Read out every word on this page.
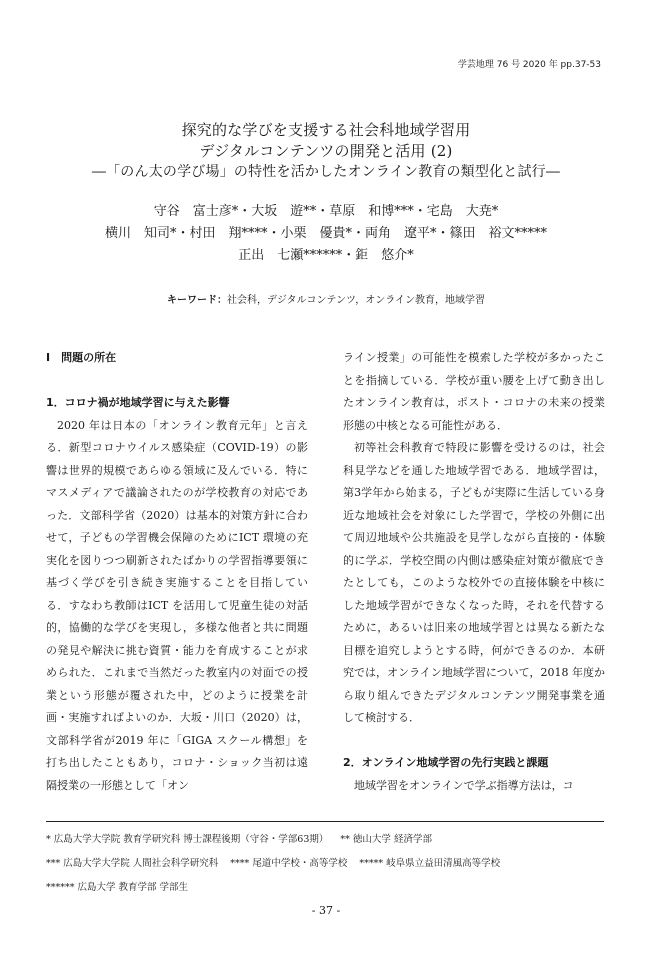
学芸地理 76 号 2020 年 pp.37-53
探究的な学びを支援する社会科地域学習用
デジタルコンテンツの開発と活用 (2)
―「のん太の学び場」の特性を活かしたオンライン教育の類型化と試行―
守谷　富士彦*・大坂　遊**・草原　和博***・宅島　大尭*
横川　知司*・村田　翔****・小栗　優貴*・両角　遼平*・篠田　裕文*****
正出　七瀬******・鉅　悠介*
キーワード：社会科，デジタルコンテンツ，オンライン教育，地域学習

Ⅰ　問題の所在

1．コロナ禍が地域学習に与えた影響

2020 年は日本の「オンライン教育元年」と言える．新型コロナウイルス感染症（COVID-19）の影響は世界的規模であらゆる領域に及んでいる．特にマスメディアで議論されたのが学校教育の対応であった．文部科学省（2020）は基本的対策方針に合わせて，子どもの学習機会保障のためにICT 環境の充実化を図りつつ刷新されたばかりの学習指導要領に基づく学びを引き続き実施することを目指している．すなわち教師はICT を活用して児童生徒の対話的，協働的な学びを実現し，多様な他者と共に問題の発見や解決に挑む資質・能力を育成することが求められた．これまで当然だった教室内の対面での授業という形態が覆された中，どのように授業を計画・実施すればよいのか．大坂・川口（2020）は，文部科学省が2019 年に「GIGA スクール構想」を打ち出したこともあり，コロナ・ショック当初は遠隔授業の一形態として「オン

ライン授業」の可能性を模索した学校が多かったことを指摘している．学校が重い腰を上げて動き出したオンライン教育は，ポスト・コロナの未来の授業形態の中核となる可能性がある．

初等社会科教育で特段に影響を受けるのは，社会科見学などを通した地域学習である．地域学習は，第3学年から始まる，子どもが実際に生活している身近な地域社会を対象にした学習で，学校の外側に出て周辺地域や公共施設を見学しながら直接的・体験的に学ぶ．学校空間の内側は感染症対策が徹底できたとしても，このような校外での直接体験を中核にした地域学習ができなくなった時，それを代替するために，あるいは旧来の地域学習とは異なる新たな目標を追究しようとする時，何ができるのか．本研究では，オンライン地域学習について，2018 年度から取り組んできたデジタルコンテンツ開発事業を通して検討する．

2．オンライン地域学習の先行実践と課題

地域学習をオンラインで学ぶ指導方法は，コ

* 広島大学大学院 教育学研究科 博士課程後期（守谷・学部63期） ** 徳山大学 経済学部
*** 広島大学大学院 人間社会科学研究科 **** 尾道中学校・高等学校 ***** 岐阜県立益田清風高等学校
****** 広島大学 教育学部 学部生
- 37 -
